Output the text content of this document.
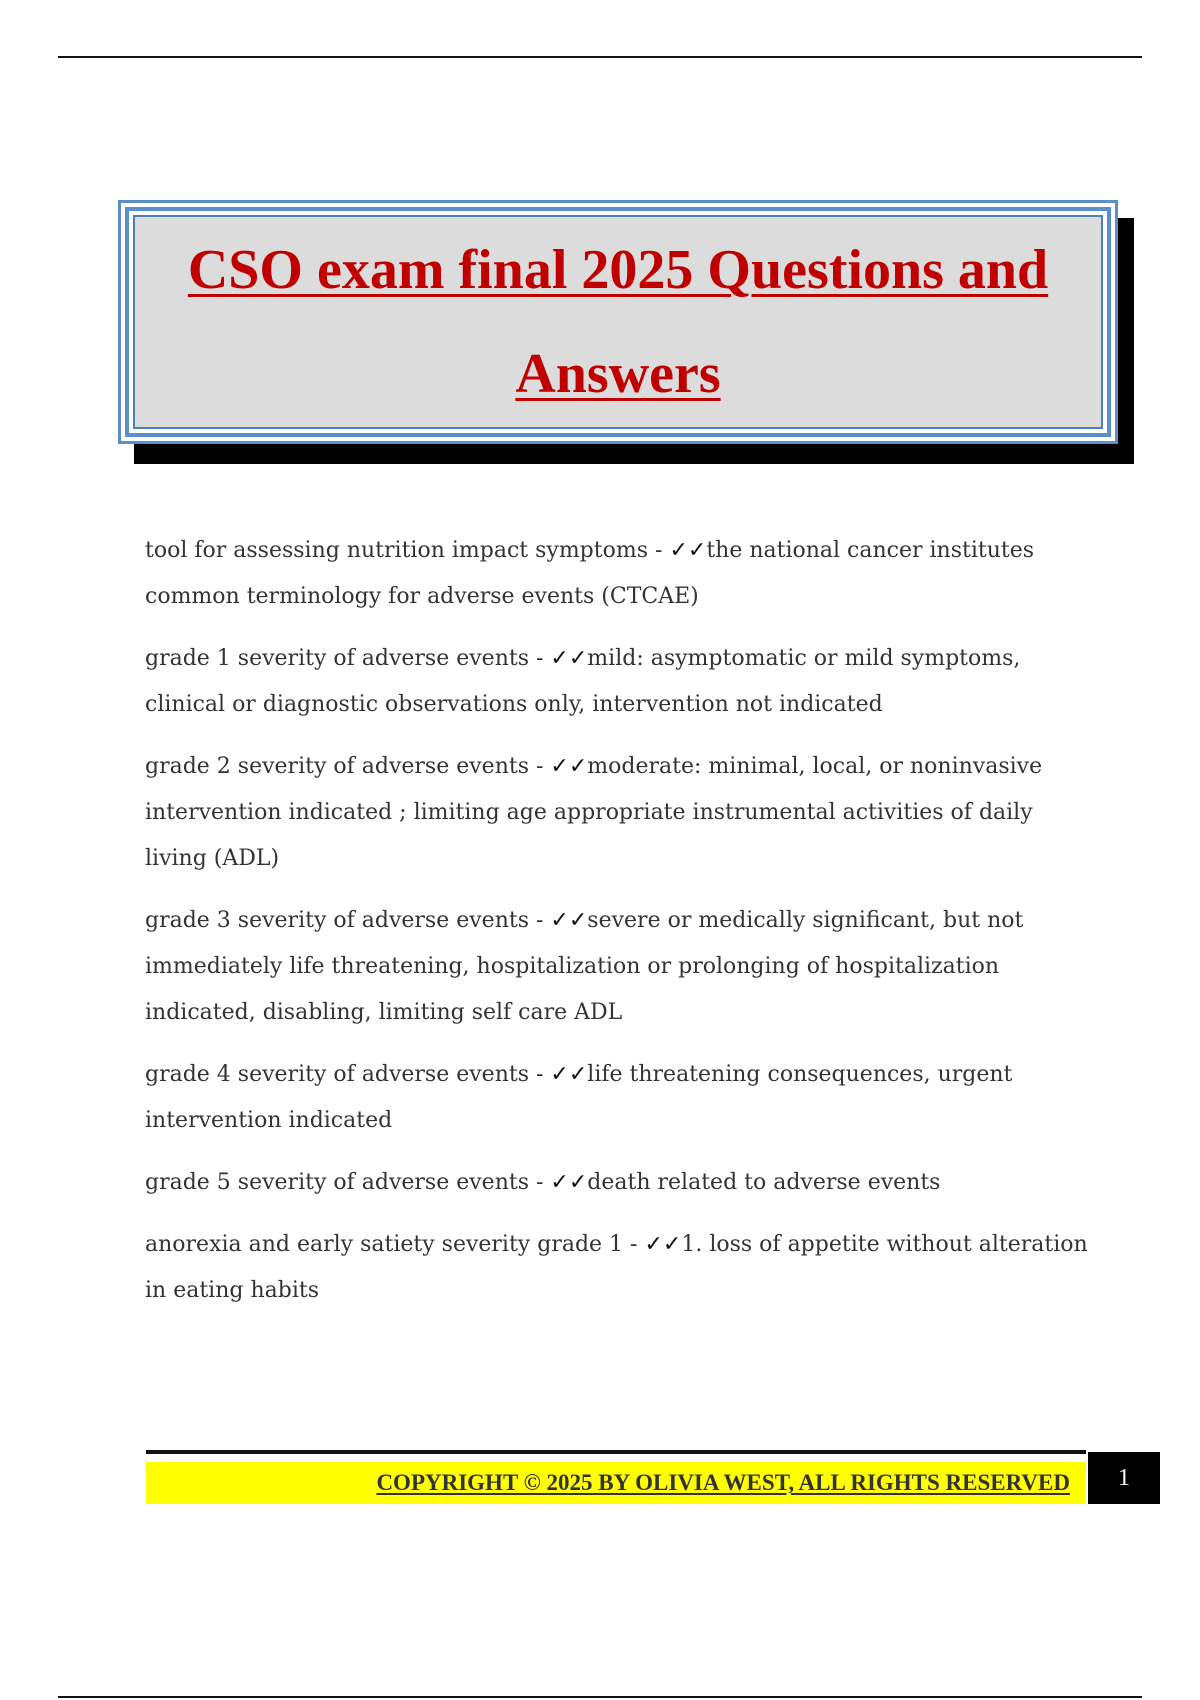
CSO exam final 2025 Questions and

Answers

tool for assessing nutrition impact symptoms - ✓✓the national cancer institutes common terminology for adverse events (CTCAE)

grade 1 severity of adverse events - ✓✓mild: asymptomatic or mild symptoms, clinical or diagnostic observations only, intervention not indicated

grade 2 severity of adverse events - ✓✓moderate: minimal, local, or noninvasive intervention indicated ; limiting age appropriate instrumental activities of daily living (ADL)

grade 3 severity of adverse events - ✓✓severe or medically significant, but not immediately life threatening, hospitalization or prolonging of hospitalization indicated, disabling, limiting self care ADL

grade 4 severity of adverse events - ✓✓life threatening consequences, urgent intervention indicated

grade 5 severity of adverse events - ✓✓death related to adverse events

anorexia and early satiety severity grade 1 - ✓✓1. loss of appetite without alteration in eating habits

COPYRIGHT © 2025 BY OLIVIA WEST, ALL RIGHTS RESERVED	1
